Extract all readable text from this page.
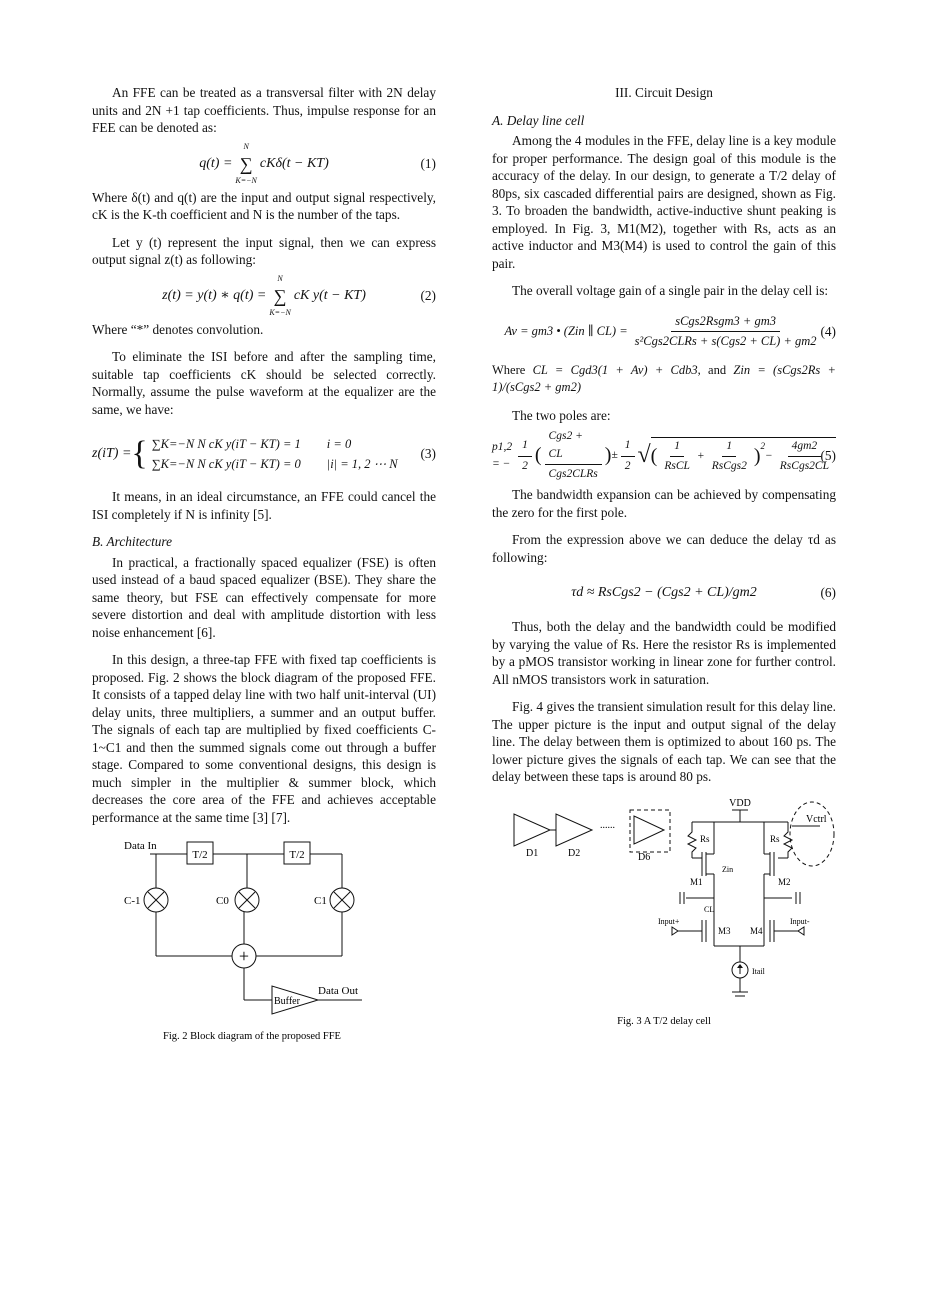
An FFE can be treated as a transversal filter with 2N delay units and 2N +1 tap coefficients. Thus, impulse response for an FEE can be denoted as:

q(t) =
N
∑
K=−N
cKδ(t − KT)	(1)

Where δ(t) and q(t) are the input and output signal respectively, cK is the K-th coefficient and N is the number of the taps.

Let y (t) represent the input signal, then we can express output signal z(t) as following:

z(t) = y(t) ∗ q(t) =
N
∑
K=−N
cK y(t − KT)	(2)

Where “*” denotes convolution.

To eliminate the ISI before and after the sampling time, suitable tap coefficients cK should be selected correctly. Normally, assume the pulse waveform at the equalizer are the same, we have:

z(iT) = { ∑K=−N N cK y(iT − KT) = 1 i = 0
∑K=−N N cK y(iT − KT) = 0 |i| = 1, 2 ⋯ N
(3)

It means, in an ideal circumstance, an FFE could cancel the ISI completely if N is infinity [5].

B. Architecture

In practical, a fractionally spaced equalizer (FSE) is often used instead of a baud spaced equalizer (BSE). They share the same theory, but FSE can effectively compensate for more severe distortion and deal with amplitude distortion with less noise enhancement [6].

In this design, a three-tap FFE with fixed tap coefficients is proposed. Fig. 2 shows the block diagram of the proposed FFE. It consists of a tapped delay line with two half unit-interval (UI) delay units, three multipliers, a summer and an output buffer. The signals of each tap are multiplied by fixed coefficients C-1~C1 and then the summed signals come out through a buffer stage. Compared to some conventional designs, this design is much simpler in the multiplier & summer block, which decreases the core area of the FFE and achieves acceptable performance at the same time [3] [7].

+
Data In
T/2	T/2
C-1	C0	C1
Buffer
Data Out
Fig. 2 Block diagram of the proposed FFE
III. Circuit Design
A. Delay line cell

Among the 4 modules in the FFE, delay line is a key module for proper performance. The design goal of this module is the accuracy of the delay. In our design, to generate a T/2 delay of 80ps, six cascaded differential pairs are designed, shown as Fig. 3. To broaden the bandwidth, active-inductive shunt peaking is employed. In Fig. 3, M1(M2), together with Rs, acts as an active inductor and M3(M4) is used to control the gain of this pair.

The overall voltage gain of a single pair in the delay cell is:

Av = gm3 • (Zin ∥ $CL) = \frac{\text{sCgs2Rsgm3 + gm3}}{\text{s²Cgs2CLRs + s(Cgs2 + CL) + gm2}} (4)$

Where CL = Cgd3(1 + Av) + Cdb3, and Zin = (sCgs2Rs + 1)/(sCgs2 + gm2)

The two poles are:

p1,2 = − $\frac{1}{2}$ ( $\frac{\text{Cgs2 + CL}}{\text{Cgs2CLRs}}$ ) ± $\frac{1}{2}$ √ ( $\frac{1}{\text{RsCL}} + \frac{1}{\text{RsCgs2}} )^2$
− $\frac{4gm2}{\text{RsCgs2CL}}$
(5)

The bandwidth expansion can be achieved by compensating the zero for the first pole.

From the expression above we can deduce the delay τd as following:

τd ≈ RsCgs2 − (Cgs2 + CL)/gm2	(6)

Thus, both the delay and the bandwidth could be modified by varying the value of Rs. Here the resistor Rs is implemented by a pMOS transistor working in linear zone for further control. All nMOS transistors work in saturation.

Fig. 4 gives the transient simulation result for this delay line. The upper picture is the input and output signal of the delay line. The delay between them is optimized to about 160 ps. The lower picture gives the signals of each tap. We can see that the delay between these taps is around 80 ps.

VDD
Vctrl
D1	D2	D6
......
Rs	Rs
Zin
M1	M2
CL
Input+	Input-
M3 M4
Itail
Fig. 3 A T/2 delay cell
